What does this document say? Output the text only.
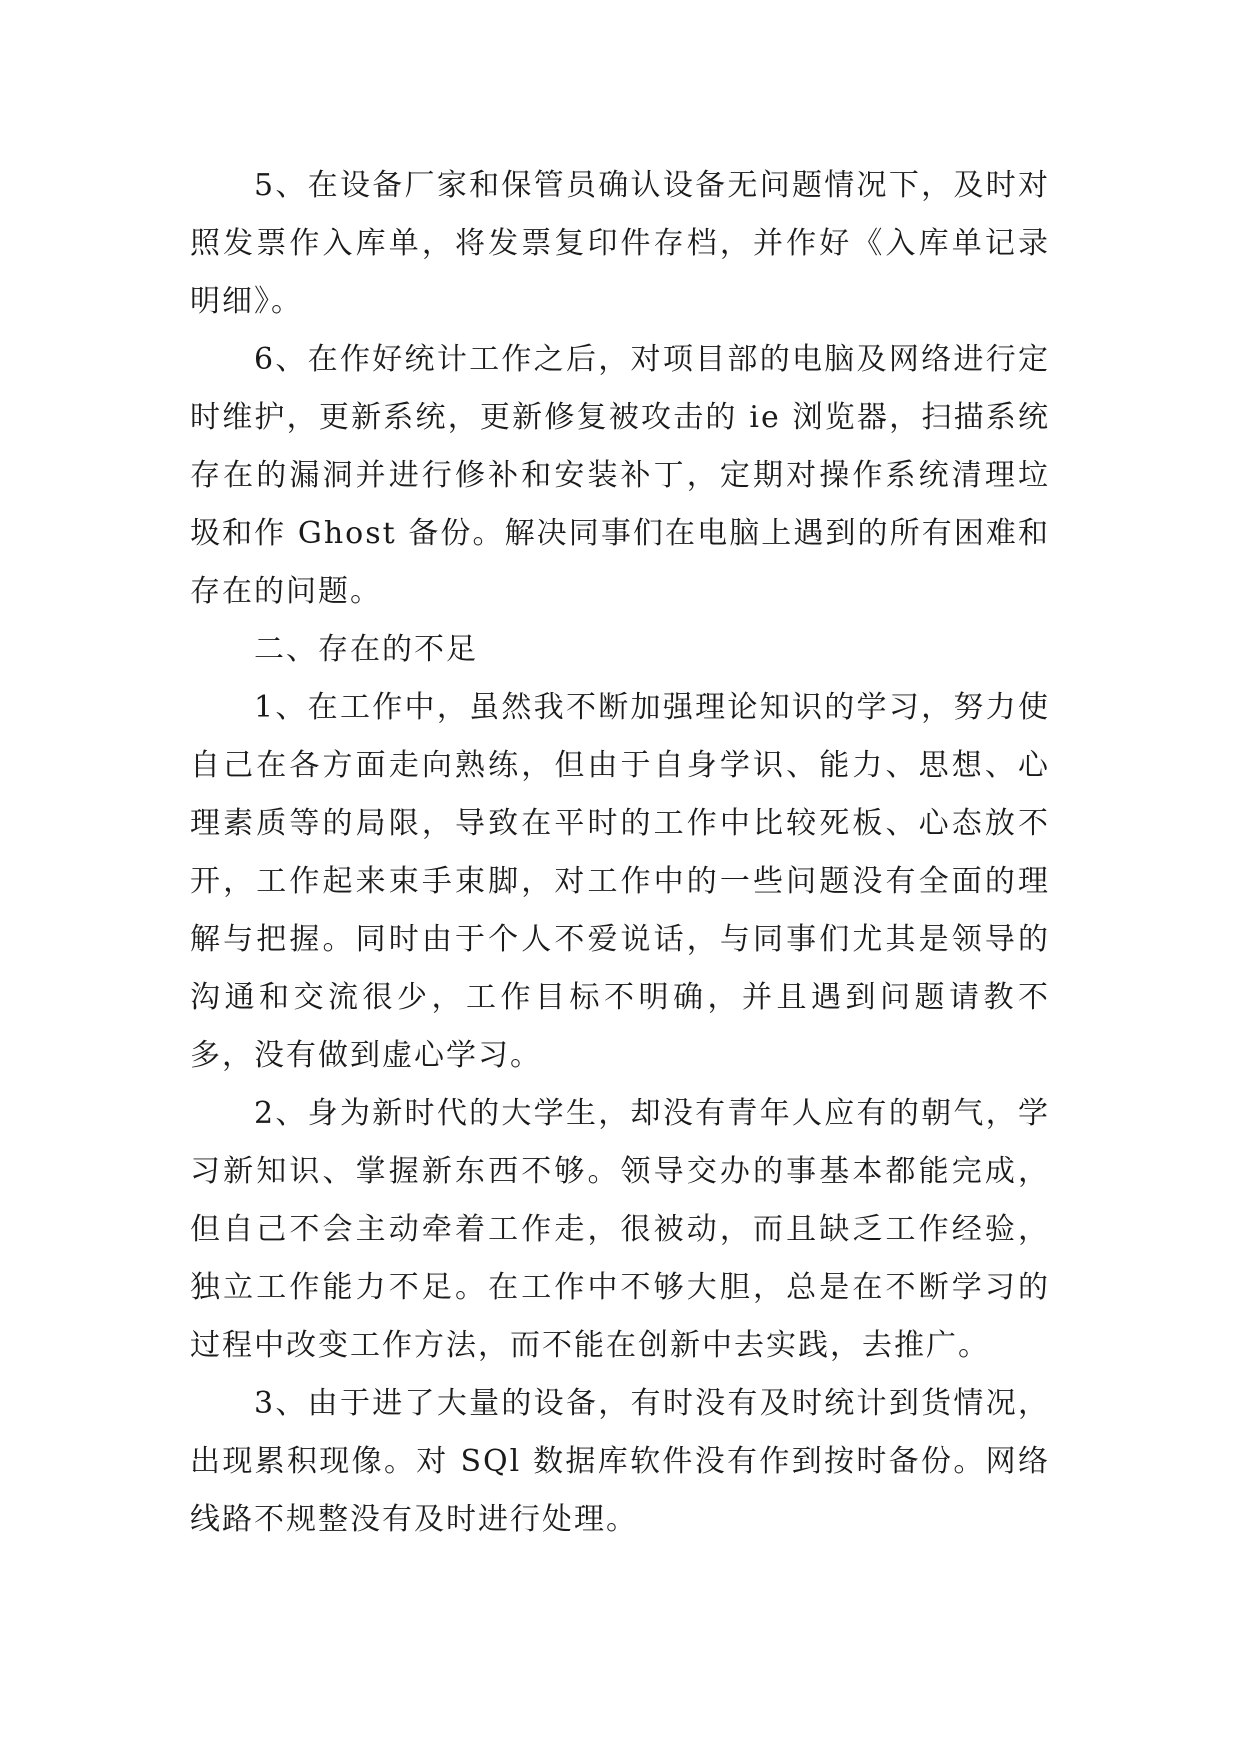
5、在设备厂家和保管员确认设备无问题情况下，及时对照发票作入库单，将发票复印件存档，并作好《入库单记录明细》。

6、在作好统计工作之后，对项目部的电脑及网络进行定时维护，更新系统，更新修复被攻击的 ie 浏览器，扫描系统存在的漏洞并进行修补和安装补丁，定期对操作系统清理垃圾和作 Ghost 备份。解决同事们在电脑上遇到的所有困难和存在的问题。

二、存在的不足

1、在工作中，虽然我不断加强理论知识的学习，努力使自己在各方面走向熟练，但由于自身学识、能力、思想、心理素质等的局限，导致在平时的工作中比较死板、心态放不开，工作起来束手束脚，对工作中的一些问题没有全面的理解与把握。同时由于个人不爱说话，与同事们尤其是领导的沟通和交流很少，工作目标不明确，并且遇到问题请教不多，没有做到虚心学习。

2、身为新时代的大学生，却没有青年人应有的朝气，学习新知识、掌握新东西不够。领导交办的事基本都能完成，但自己不会主动牵着工作走，很被动，而且缺乏工作经验，独立工作能力不足。在工作中不够大胆，总是在不断学习的过程中改变工作方法，而不能在创新中去实践，去推广。

3、由于进了大量的设备，有时没有及时统计到货情况，出现累积现像。对 SQl 数据库软件没有作到按时备份。网络线路不规整没有及时进行处理。
